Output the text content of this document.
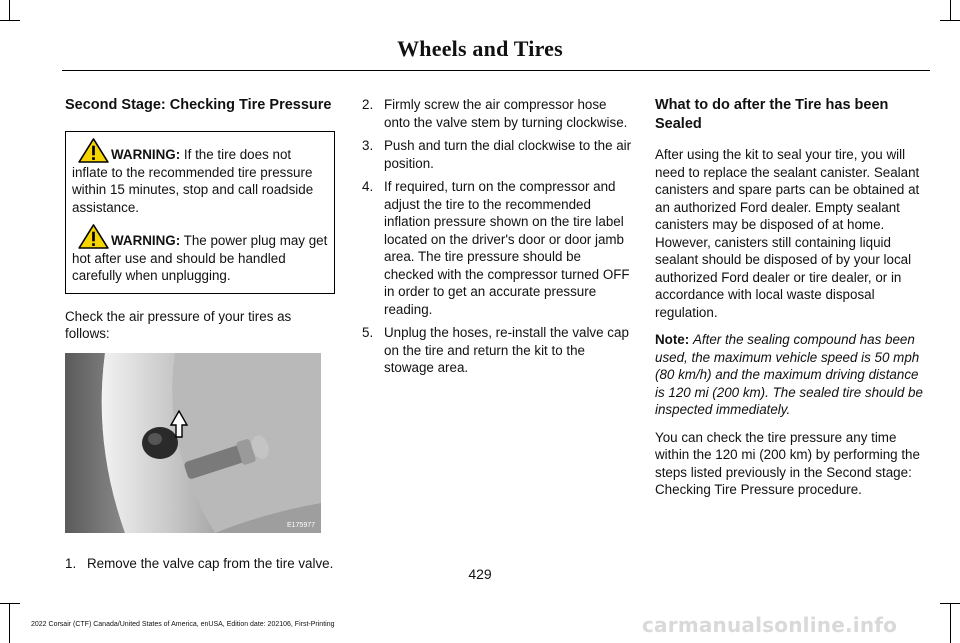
Wheels and Tires
Second Stage: Checking Tire Pressure

WARNING: If the tire does not inflate to the recommended tire pressure within 15 minutes, stop and call roadside assistance.

WARNING: The power plug may get hot after use and should be handled carefully when unplugging.

Check the air pressure of your tires as follows:

E175977
1. Remove the valve cap from the tire valve.
2. Firmly screw the air compressor hose onto the valve stem by turning clockwise.
3. Push and turn the dial clockwise to the air position.
4. If required, turn on the compressor and adjust the tire to the recommended inflation pressure shown on the tire label located on the driver's door or door jamb area. The tire pressure should be checked with the compressor turned OFF in order to get an accurate pressure reading.
5. Unplug the hoses, re-install the valve cap on the tire and return the kit to the stowage area.
What to do after the Tire has been Sealed

After using the kit to seal your tire, you will need to replace the sealant canister. Sealant canisters and spare parts can be obtained at an authorized Ford dealer. Empty sealant canisters may be disposed of at home. However, canisters still containing liquid sealant should be disposed of by your local authorized Ford dealer or tire dealer, or in accordance with local waste disposal regulation.

Note: After the sealing compound has been used, the maximum vehicle speed is 50 mph (80 km/h) and the maximum driving distance is 120 mi (200 km). The sealed tire should be inspected immediately.

You can check the tire pressure any time within the 120 mi (200 km) by performing the steps listed previously in the Second stage: Checking Tire Pressure procedure.

429
2022 Corsair (CTF) Canada/United States of America, enUSA, Edition date: 202106, First-Printing	carmanualsonline.info
